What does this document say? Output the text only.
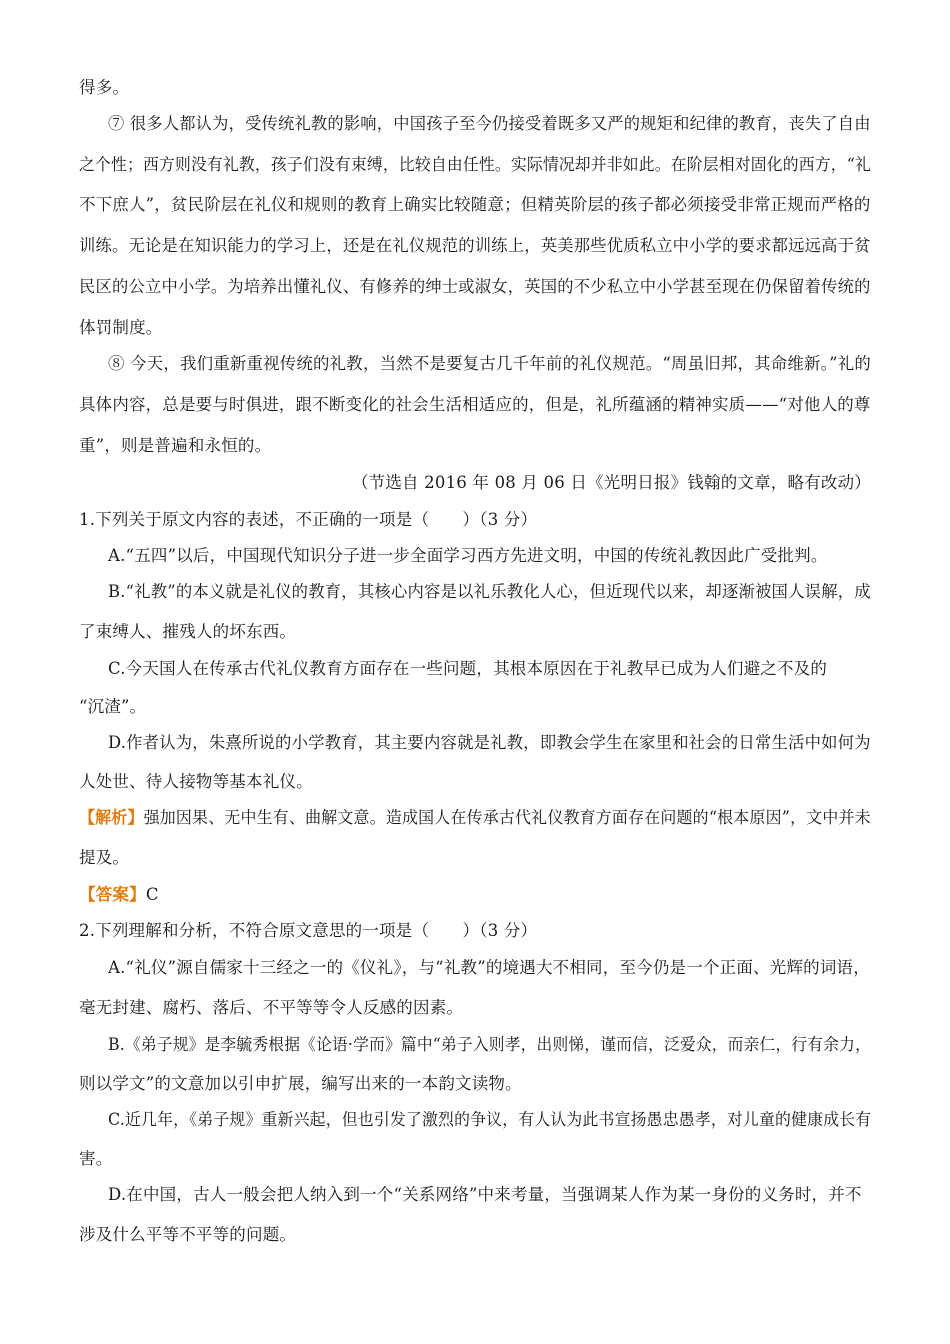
得多。
⑦ 很多人都认为，受传统礼教的影响，中国孩子至今仍接受着既多又严的规矩和纪律的教育，丧失了自由
之个性；西方则没有礼教，孩子们没有束缚，比较自由任性。实际情况却并非如此。在阶层相对固化的西方，“礼
不下庶人”，贫民阶层在礼仪和规则的教育上确实比较随意；但精英阶层的孩子都必须接受非常正规而严格的
训练。无论是在知识能力的学习上，还是在礼仪规范的训练上，英美那些优质私立中小学的要求都远远高于贫
民区的公立中小学。为培养出懂礼仪、有修养的绅士或淑女，英国的不少私立中小学甚至现在仍保留着传统的
体罚制度。
⑧ 今天，我们重新重视传统的礼教，当然不是要复古几千年前的礼仪规范。“周虽旧邦，其命维新。”礼的
具体内容，总是要与时俱进，跟不断变化的社会生活相适应的，但是，礼所蕴涵的精神实质——“对他人的尊
重”，则是普遍和永恒的。
（节选自 2016 年 08 月 06 日《光明日报》钱翰的文章，略有改动）
1.下列关于原文内容的表述，不正确的一项是（　　）（3 分）
A.“五四”以后，中国现代知识分子进一步全面学习西方先进文明，中国的传统礼教因此广受批判。
B.“礼教”的本义就是礼仪的教育，其核心内容是以礼乐教化人心，但近现代以来，却逐渐被国人误解，成
了束缚人、摧残人的坏东西。
C.今天国人在传承古代礼仪教育方面存在一些问题，其根本原因在于礼教早已成为人们避之不及的
“沉渣”。
D.作者认为，朱熹所说的小学教育，其主要内容就是礼教，即教会学生在家里和社会的日常生活中如何为
人处世、待人接物等基本礼仪。
【解析】强加因果、无中生有、曲解文意。造成国人在传承古代礼仪教育方面存在问题的“根本原因”，文中并未
提及。
【答案】C
2.下列理解和分析，不符合原文意思的一项是（　　）（3 分）
A.“礼仪”源自儒家十三经之一的《仪礼》，与“礼教”的境遇大不相同，至今仍是一个正面、光辉的词语，
毫无封建、腐朽、落后、不平等等令人反感的因素。
B.《弟子规》是李毓秀根据《论语·学而》篇中“弟子入则孝，出则悌，谨而信，泛爱众，而亲仁，行有余力，
则以学文”的文意加以引申扩展，编写出来的一本韵文读物。
C.近几年，《弟子规》重新兴起，但也引发了激烈的争议，有人认为此书宣扬愚忠愚孝，对儿童的健康成长有
害。
D.在中国，古人一般会把人纳入到一个“关系网络”中来考量，当强调某人作为某一身份的义务时，并不
涉及什么平等不平等的问题。
